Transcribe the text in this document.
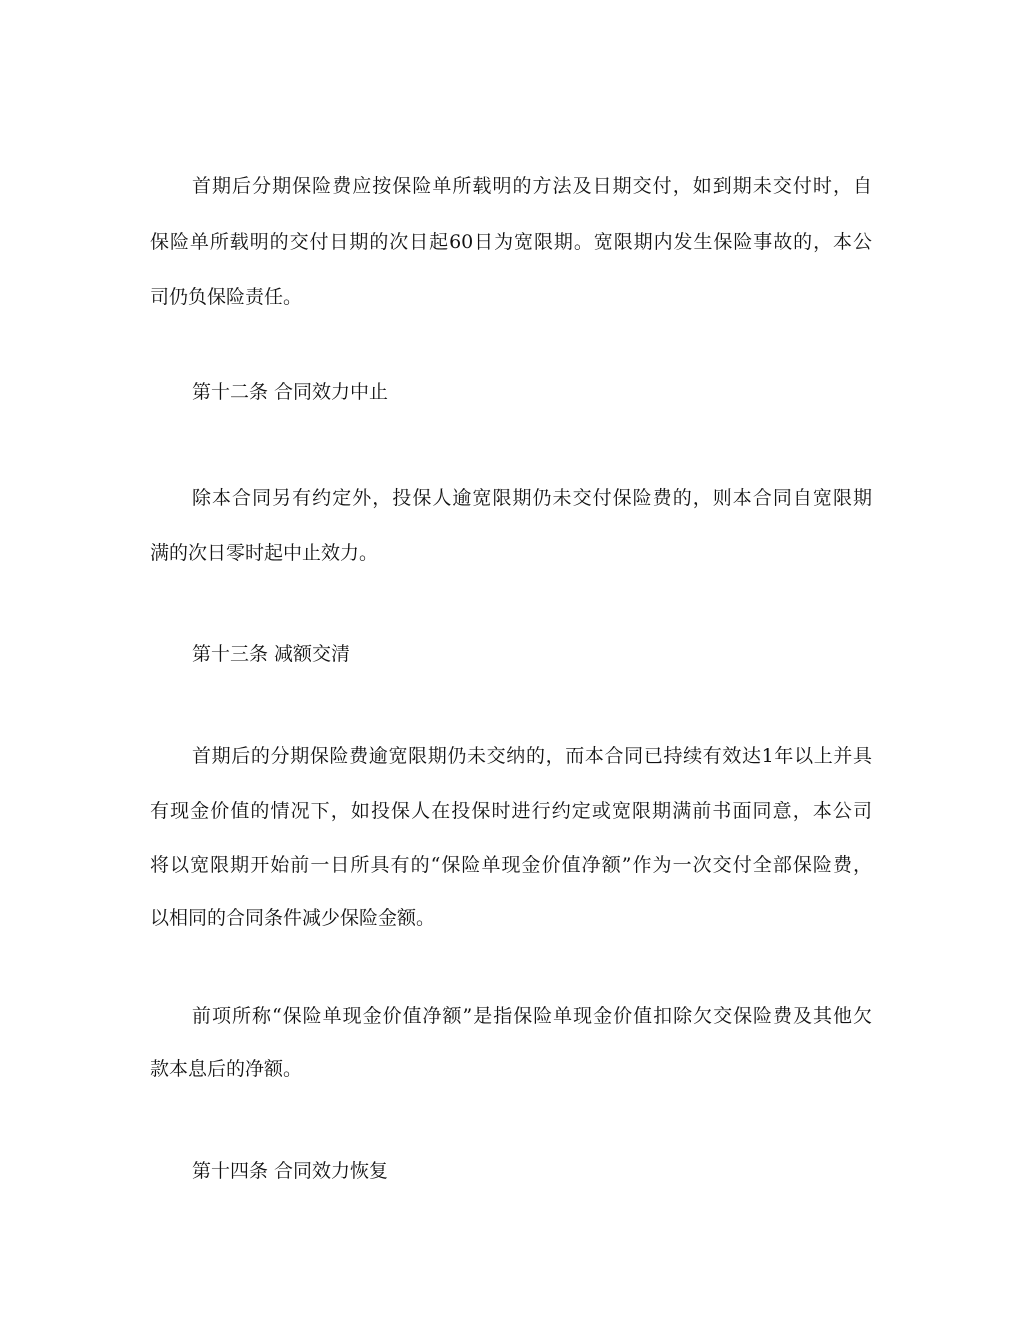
首期后分期保险费应按保险单所载明的方法及日期交付，如到期未交付时，自
保险单所载明的交付日期的次日起60日为宽限期。宽限期内发生保险事故的，本公
司仍负保险责任。
第十二条 合同效力中止
除本合同另有约定外，投保人逾宽限期仍未交付保险费的，则本合同自宽限期
满的次日零时起中止效力。
第十三条 减额交清
首期后的分期保险费逾宽限期仍未交纳的，而本合同已持续有效达1年以上并具
有现金价值的情况下，如投保人在投保时进行约定或宽限期满前书面同意，本公司
将以宽限期开始前一日所具有的“保险单现金价值净额”作为一次交付全部保险费，
以相同的合同条件减少保险金额。
前项所称“保险单现金价值净额”是指保险单现金价值扣除欠交保险费及其他欠
款本息后的净额。
第十四条 合同效力恢复
